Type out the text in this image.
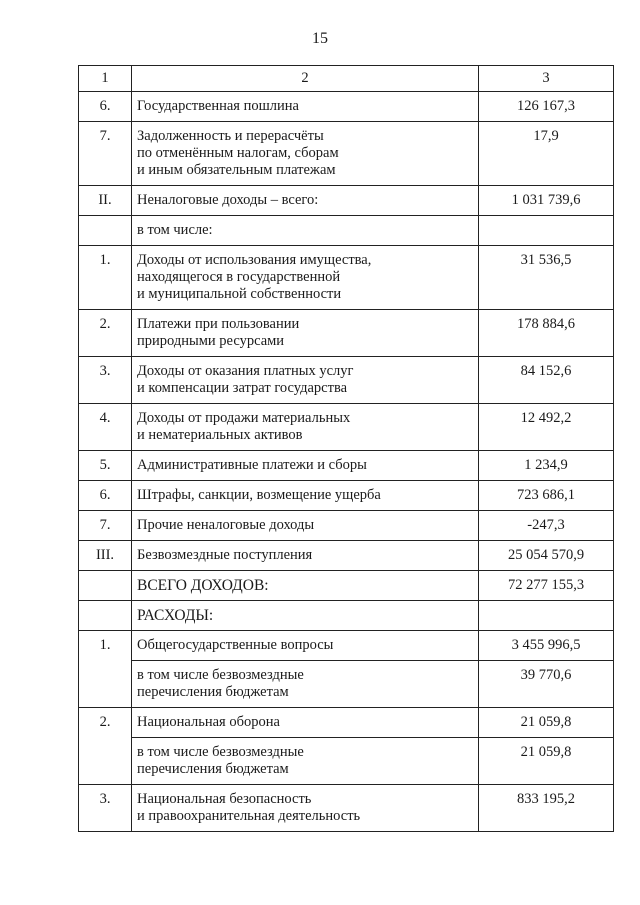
15
1	2	3
6.	Государственная пошлина	126 167,3
7.	Задолженность и перерасчёты
по отменённым налогам, сборам
и иным обязательным платежам	17,9
II.	Неналоговые доходы – всего:	1 031 739,6

	в том числе:	

1.	Доходы от использования имущества,
находящегося в государственной
и муниципальной собственности	31 536,5
2.	Платежи при пользовании
природными ресурсами	178 884,6
3.	Доходы от оказания платных услуг
и компенсации затрат государства	84 152,6
4.	Доходы от продажи материальных
и нематериальных активов	12 492,2
5.	Административные платежи и сборы	1 234,9
6.	Штрафы, санкции, возмещение ущерба	723 686,1
7.	Прочие неналоговые доходы	-247,3
III.	Безвозмездные поступления	25 054 570,9

	ВСЕГО ДОХОДОВ:	72 277 155,3

	РАСХОДЫ:	

1.	Общегосударственные вопросы	3 455 996,5

	в том числе безвозмездные
перечисления бюджетам	39 770,6
2.	Национальная оборона	21 059,8

	в том числе безвозмездные
перечисления бюджетам	21 059,8
3.	Национальная безопасность
и правоохранительная деятельность	833 195,2
